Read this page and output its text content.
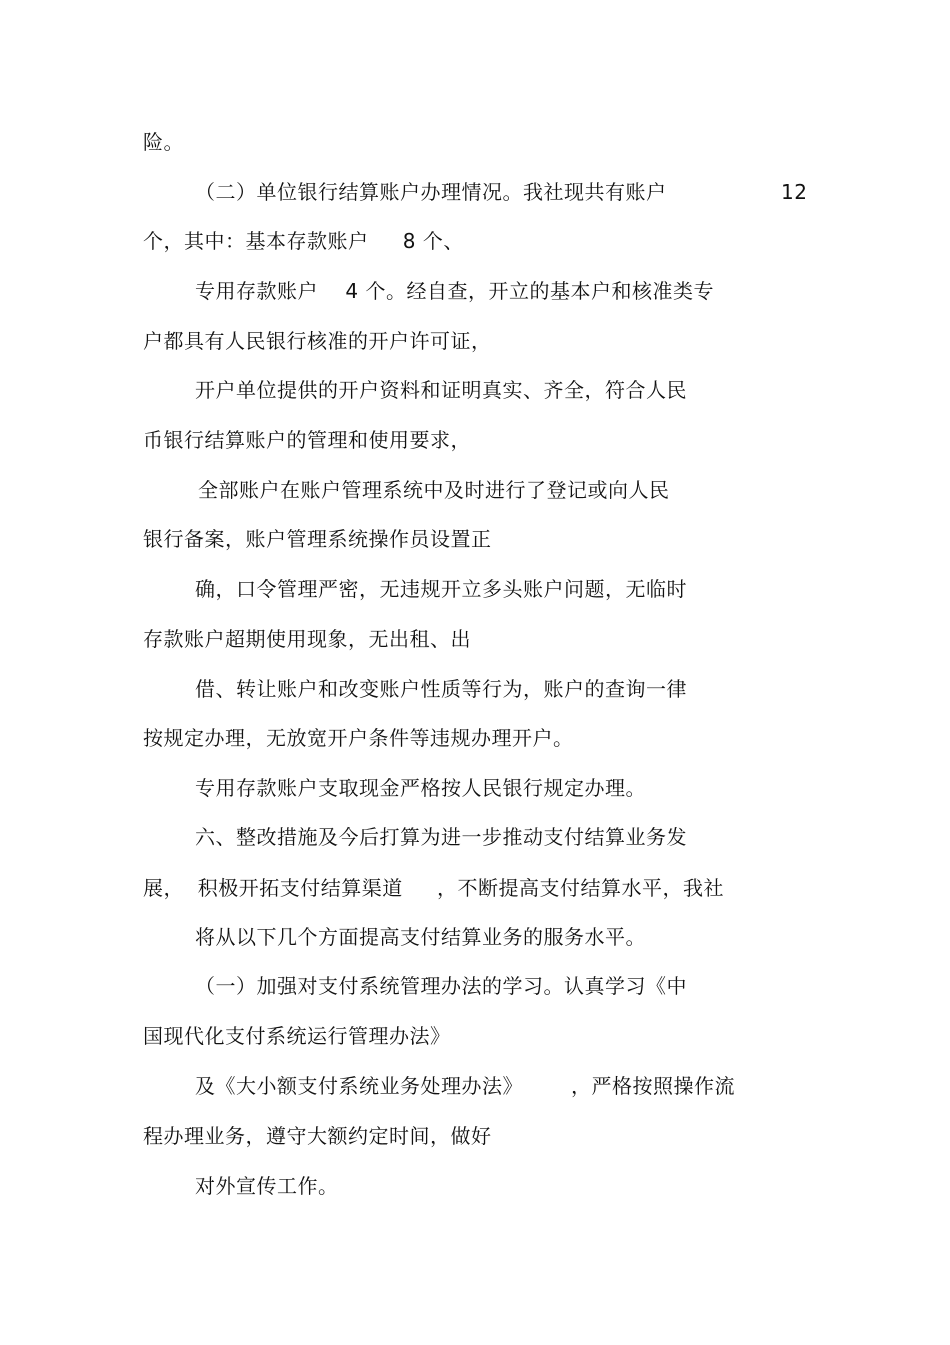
险。

（二）单位银行结算账户办理情况。我社现共有账户	12

个，其中：基本存款账户     8 个、

专用存款账户    4 个。经自查，开立的基本户和核准类专

户都具有人民银行核准的开户许可证，

开户单位提供的开户资料和证明真实、齐全，符合人民

币银行结算账户的管理和使用要求，

全部账户在账户管理系统中及时进行了登记或向人民

银行备案，账户管理系统操作员设置正

确，口令管理严密，无违规开立多头账户问题，无临时

存款账户超期使用现象，无出租、出

借、转让账户和改变账户性质等行为，账户的查询一律

按规定办理，无放宽开户条件等违规办理开户。

专用存款账户支取现金严格按人民银行规定办理。

六、整改措施及今后打算为进一步推动支付结算业务发

展，  积极开拓支付结算渠道     ，不断提高支付结算水平，我社

将从以下几个方面提高支付结算业务的服务水平。

（一）加强对支付系统管理办法的学习。认真学习《中

国现代化支付系统运行管理办法》

及《大小额支付系统业务处理办法》       ，严格按照操作流

程办理业务，遵守大额约定时间，做好

对外宣传工作。
